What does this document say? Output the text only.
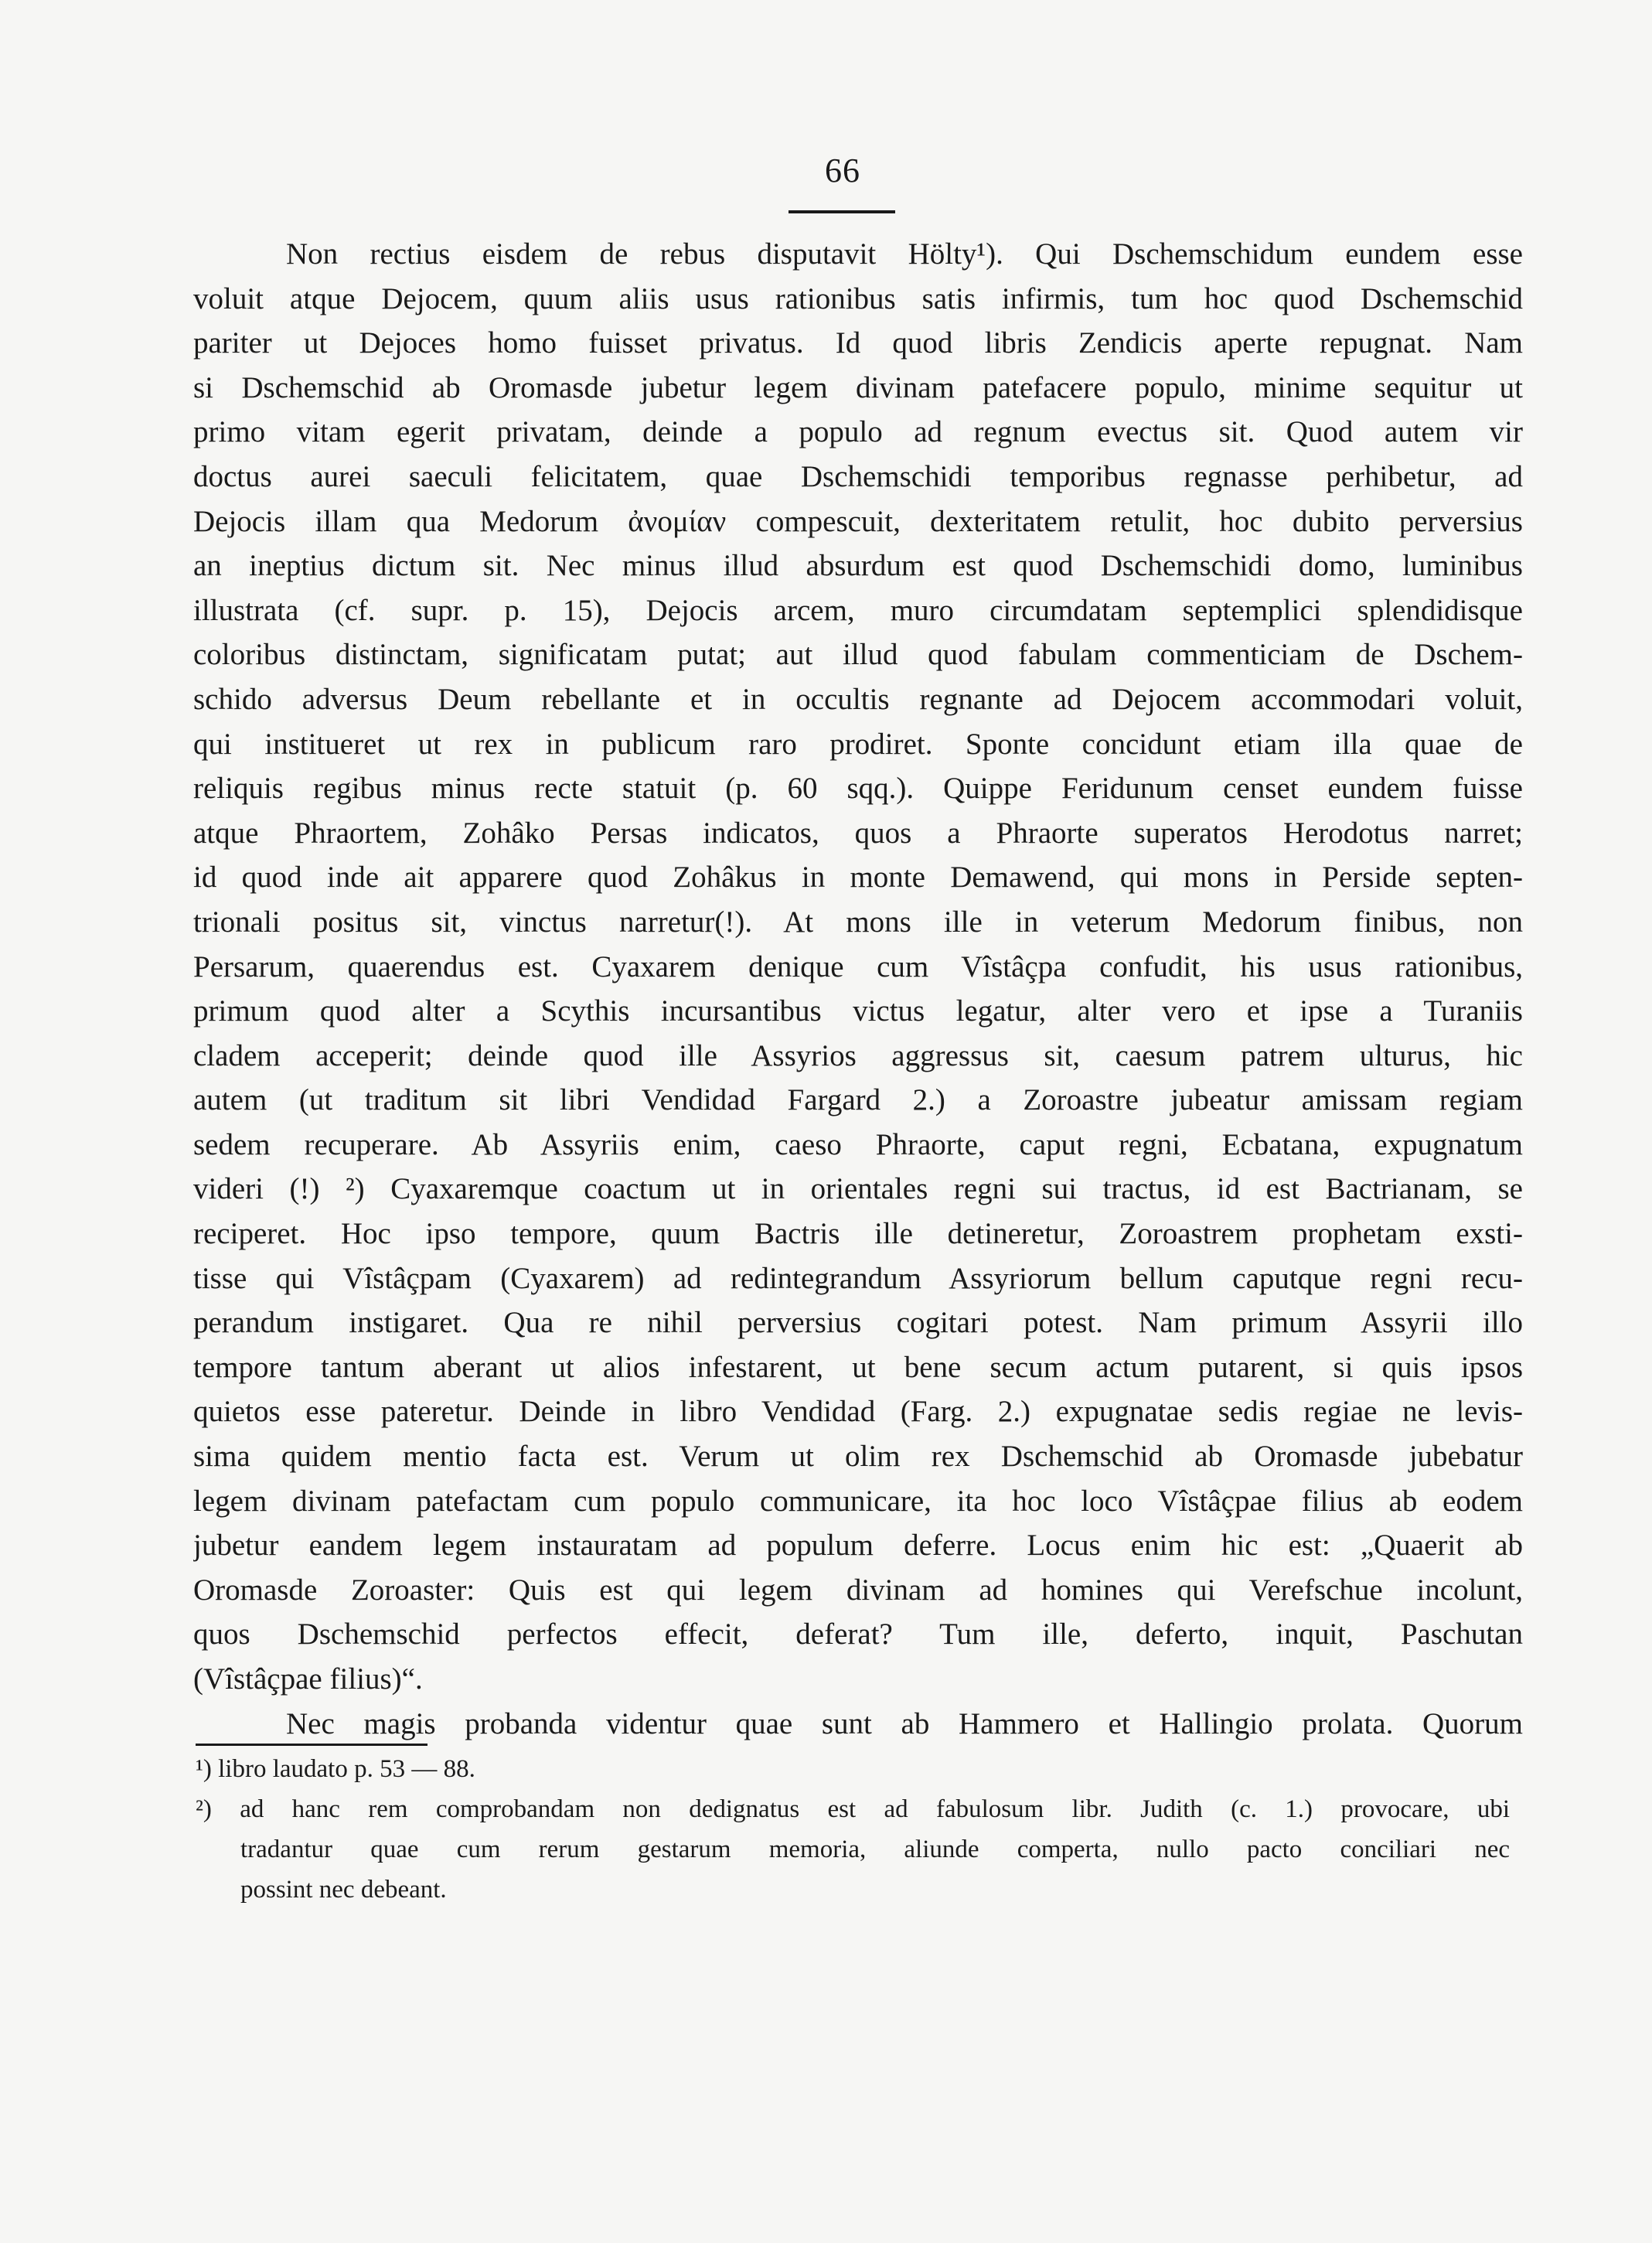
66
Non rectius eisdem de rebus disputavit Hölty¹). Qui Dschemschidum eundem esse
voluit atque Dejocem, quum aliis usus rationibus satis infirmis, tum hoc quod Dschemschid
pariter ut Dejoces homo fuisset privatus. Id quod libris Zendicis aperte repugnat. Nam
si Dschemschid ab Oromasde jubetur legem divinam patefacere populo, minime sequitur ut
primo vitam egerit privatam, deinde a populo ad regnum evectus sit. Quod autem vir
doctus aurei saeculi felicitatem, quae Dschemschidi temporibus regnasse perhibetur, ad
Dejocis illam qua Medorum ἀνομίαν compescuit, dexteritatem retulit, hoc dubito perversius
an ineptius dictum sit. Nec minus illud absurdum est quod Dschemschidi domo, luminibus
illustrata (cf. supr. p. 15), Dejocis arcem, muro circumdatam septemplici splendidisque
coloribus distinctam, significatam putat; aut illud quod fabulam commenticiam de Dschem-
schido adversus Deum rebellante et in occultis regnante ad Dejocem accommodari voluit,
qui institueret ut rex in publicum raro prodiret. Sponte concidunt etiam illa quae de
reliquis regibus minus recte statuit (p. 60 sqq.). Quippe Feridunum censet eundem fuisse
atque Phraortem, Zohâko Persas indicatos, quos a Phraorte superatos Herodotus narret;
id quod inde ait apparere quod Zohâkus in monte Demawend, qui mons in Perside septen-
trionali positus sit, vinctus narretur(!). At mons ille in veterum Medorum finibus, non
Persarum, quaerendus est. Cyaxarem denique cum Vîstâçpa confudit, his usus rationibus,
primum quod alter a Scythis incursantibus victus legatur, alter vero et ipse a Turaniis
cladem acceperit; deinde quod ille Assyrios aggressus sit, caesum patrem ulturus, hic
autem (ut traditum sit libri Vendidad Fargard 2.) a Zoroastre jubeatur amissam regiam
sedem recuperare. Ab Assyriis enim, caeso Phraorte, caput regni, Ecbatana, expugnatum
videri (!) ²) Cyaxaremque coactum ut in orientales regni sui tractus, id est Bactrianam, se
reciperet. Hoc ipso tempore, quum Bactris ille detineretur, Zoroastrem prophetam exsti-
tisse qui Vîstâçpam (Cyaxarem) ad redintegrandum Assyriorum bellum caputque regni recu-
perandum instigaret. Qua re nihil perversius cogitari potest. Nam primum Assyrii illo
tempore tantum aberant ut alios infestarent, ut bene secum actum putarent, si quis ipsos
quietos esse pateretur. Deinde in libro Vendidad (Farg. 2.) expugnatae sedis regiae ne levis-
sima quidem mentio facta est. Verum ut olim rex Dschemschid ab Oromasde jubebatur
legem divinam patefactam cum populo communicare, ita hoc loco Vîstâçpae filius ab eodem
jubetur eandem legem instauratam ad populum deferre. Locus enim hic est: „Quaerit ab
Oromasde Zoroaster: Quis est qui legem divinam ad homines qui Verefschue incolunt,
quos Dschemschid perfectos effecit, deferat? Tum ille, deferto, inquit, Paschutan
(Vîstâçpae filius)“.
Nec magis probanda videntur quae sunt ab Hammero et Hallingio prolata. Quorum
¹) libro laudato p. 53 — 88.
²) ad hanc rem comprobandam non dedignatus est ad fabulosum libr. Judith (c. 1.) provocare, ubi
tradantur quae cum rerum gestarum memoria, aliunde comperta, nullo pacto conciliari nec
possint nec debeant.
